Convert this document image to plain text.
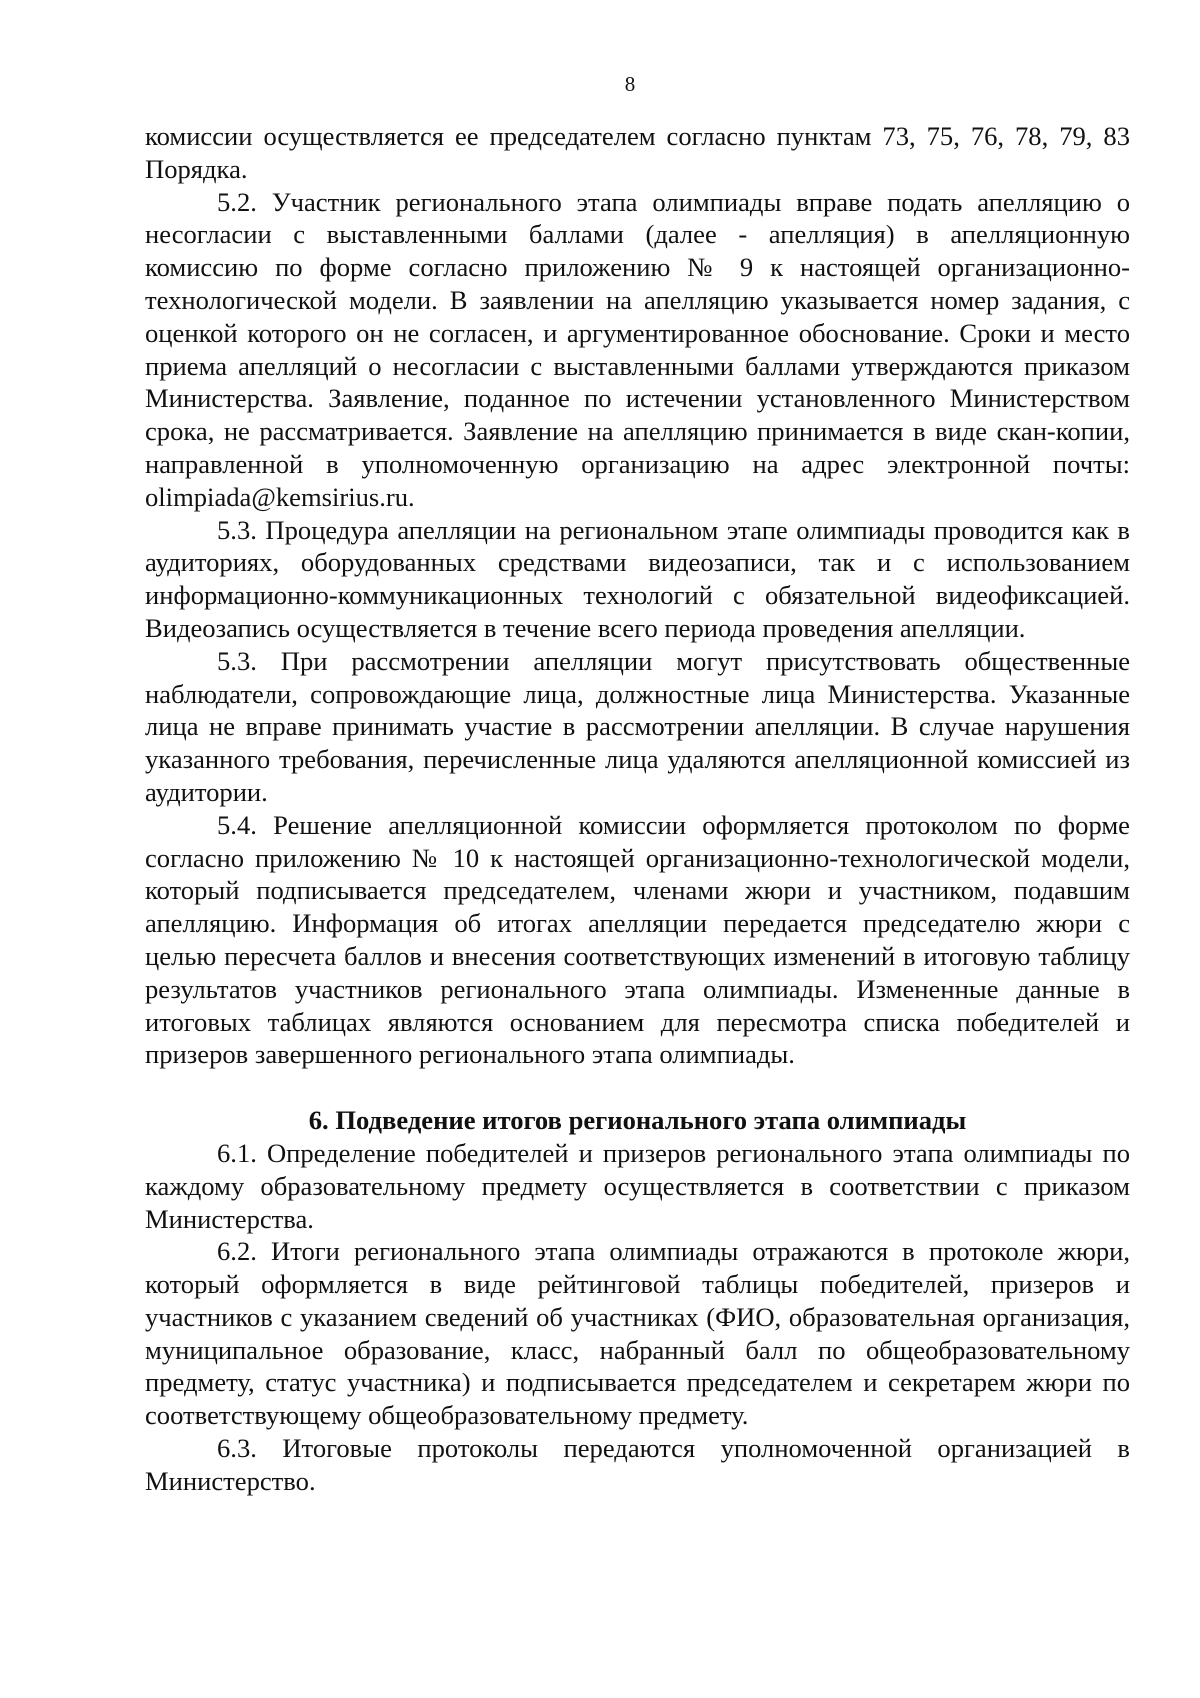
8

комиссии осуществляется ее председателем согласно пунктам 73, 75, 76, 78, 79, 83 Порядка.

5.2. Участник регионального этапа олимпиады вправе подать апелляцию о несогласии с выставленными баллами (далее - апелляция) в апелляционную комиссию по форме согласно приложению № 9 к настоящей организационно-технологической модели. В заявлении на апелляцию указывается номер задания, с оценкой которого он не согласен, и аргументированное обоснование. Сроки и место приема апелляций о несогласии с выставленными баллами утверждаются приказом Министерства. Заявление, поданное по истечении установленного Министерством срока, не рассматривается. Заявление на апелляцию принимается в виде скан-копии, направленной в уполномоченную организацию на адрес электронной почты: olimpiada@kemsirius.ru.

5.3. Процедура апелляции на региональном этапе олимпиады проводится как в аудиториях, оборудованных средствами видеозаписи, так и с использованием информационно-коммуникационных технологий с обязательной видеофиксацией. Видеозапись осуществляется в течение всего периода проведения апелляции.

5.3. При рассмотрении апелляции могут присутствовать общественные наблюдатели, сопровождающие лица, должностные лица Министерства. Указанные лица не вправе принимать участие в рассмотрении апелляции. В случае нарушения указанного требования, перечисленные лица удаляются апелляционной комиссией из аудитории.

5.4. Решение апелляционной комиссии оформляется протоколом по форме согласно приложению № 10 к настоящей организационно-технологической модели, который подписывается председателем, членами жюри и участником, подавшим апелляцию. Информация об итогах апелляции передается председателю жюри с целью пересчета баллов и внесения соответствующих изменений в итоговую таблицу результатов участников регионального этапа олимпиады. Измененные данные в итоговых таблицах являются основанием для пересмотра списка победителей и призеров завершенного регионального этапа олимпиады.

6. Подведение итогов регионального этапа олимпиады

6.1. Определение победителей и призеров регионального этапа олимпиады по каждому образовательному предмету осуществляется в соответствии с приказом Министерства.

6.2. Итоги регионального этапа олимпиады отражаются в протоколе жюри, который оформляется в виде рейтинговой таблицы победителей, призеров и участников с указанием сведений об участниках (ФИО, образовательная организация, муниципальное образование, класс, набранный балл по общеобразовательному предмету, статус участника) и подписывается председателем и секретарем жюри по соответствующему общеобразовательному предмету.

6.3. Итоговые протоколы передаются уполномоченной организацией в Министерство.
